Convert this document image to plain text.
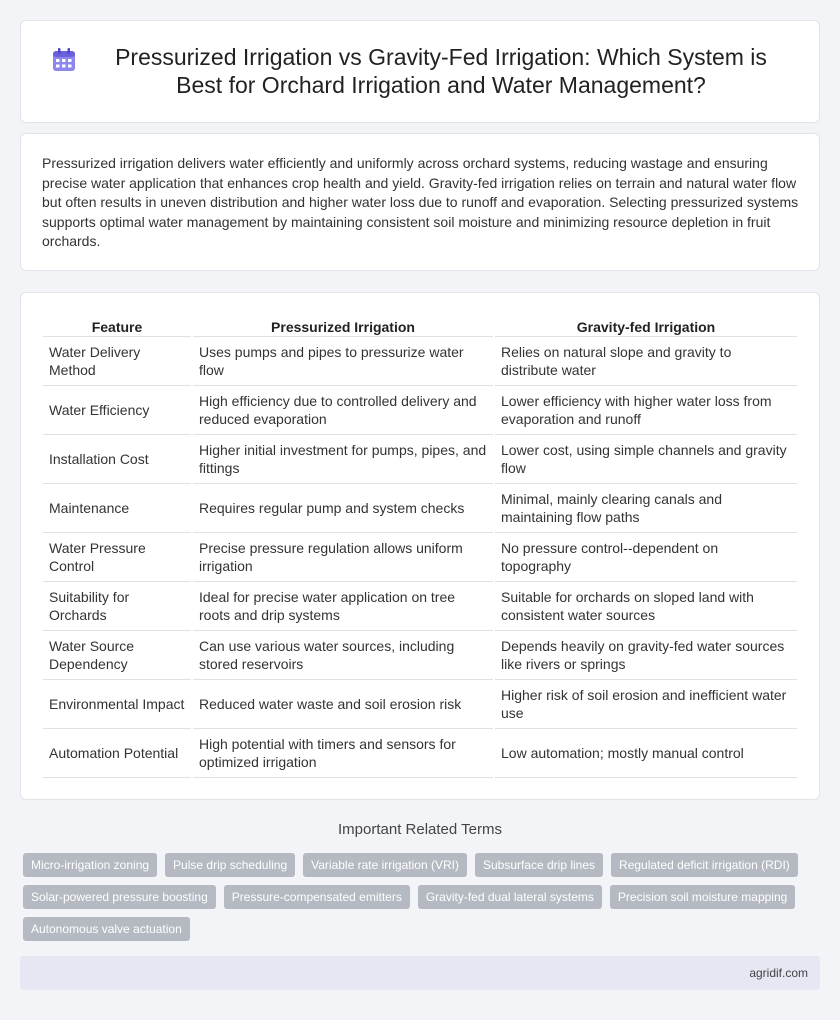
Pressurized Irrigation vs Gravity-Fed Irrigation: Which System is Best for Orchard Irrigation and Water Management?

Pressurized irrigation delivers water efficiently and uniformly across orchard systems, reducing wastage and ensuring precise water application that enhances crop health and yield. Gravity-fed irrigation relies on terrain and natural water flow but often results in uneven distribution and higher water loss due to runoff and evaporation. Selecting pressurized systems supports optimal water management by maintaining consistent soil moisture and minimizing resource depletion in fruit orchards.

Feature	Pressurized Irrigation	Gravity-fed Irrigation
Water Delivery Method	Uses pumps and pipes to pressurize water flow	Relies on natural slope and gravity to distribute water
Water Efficiency	High efficiency due to controlled delivery and reduced evaporation	Lower efficiency with higher water loss from evaporation and runoff
Installation Cost	Higher initial investment for pumps, pipes, and fittings	Lower cost, using simple channels and gravity flow
Maintenance	Requires regular pump and system checks	Minimal, mainly clearing canals and maintaining flow paths
Water Pressure Control	Precise pressure regulation allows uniform irrigation	No pressure control--dependent on topography
Suitability for Orchards	Ideal for precise water application on tree roots and drip systems	Suitable for orchards on sloped land with consistent water sources
Water Source Dependency	Can use various water sources, including stored reservoirs	Depends heavily on gravity-fed water sources like rivers or springs
Environmental Impact	Reduced water waste and soil erosion risk	Higher risk of soil erosion and inefficient water use
Automation Potential	High potential with timers and sensors for optimized irrigation	Low automation; mostly manual control
Important Related Terms
Micro-irrigation zoning	Pulse drip scheduling	Variable rate irrigation (VRI)	Subsurface drip lines	Regulated deficit irrigation (RDI)
Solar-powered pressure boosting	Pressure-compensated emitters	Gravity-fed dual lateral systems	Precision soil moisture mapping
Autonomous valve actuation
agridif.com
